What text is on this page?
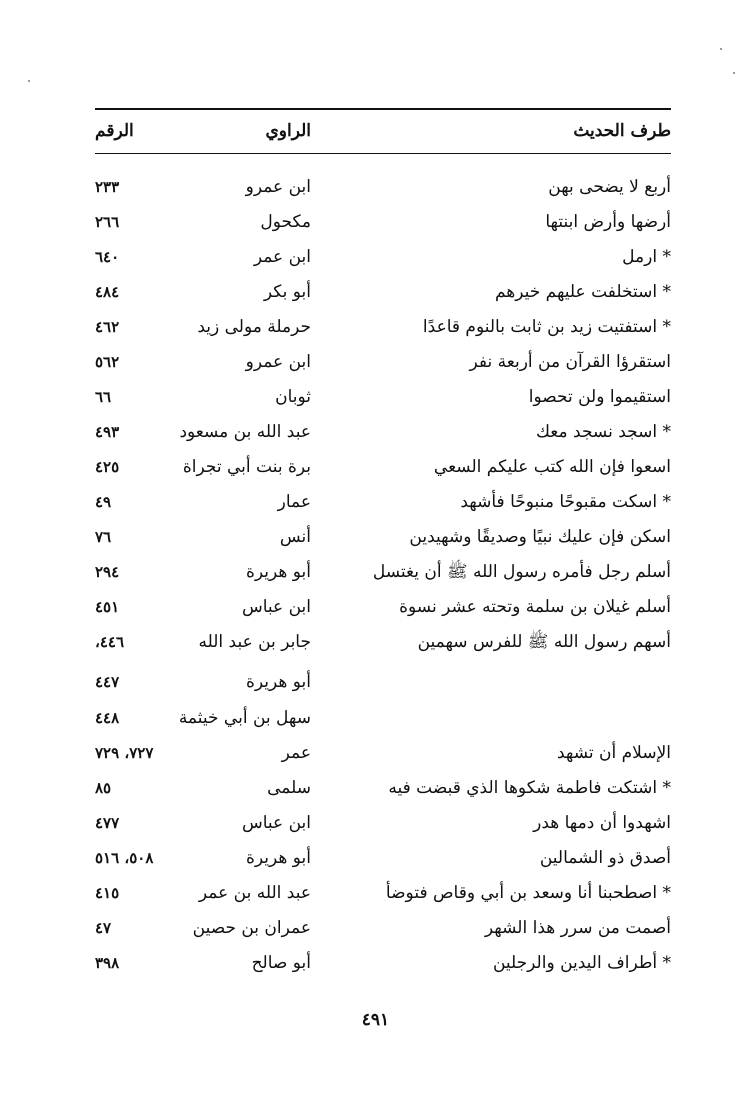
طرف الحديث
الراوي
الرقم
أربع لا يضحى بهن
ابن عمرو
٢٣٣
أرضها وأرض ابنتها
مكحول
٢٦٦
* ارمل
ابن عمر
٦٤٠
* استخلفت عليهم خيرهم
أبو بكر
٤٨٤
* استفتيت زيد بن ثابت بالنوم قاعدًا
حرملة مولى زيد
٤٦٢
استقرؤا القرآن من أربعة نفر
ابن عمرو
٥٦٢
استقيموا ولن تحصوا
ثوبان
٦٦
* اسجد نسجد معك
عبد الله بن مسعود
٤٩٣
اسعوا فإن الله كتب عليكم السعي
برة بنت أبي تجراة
٤٢٥
* اسكت مقبوحًا منبوحًا فأشهد
عمار
٤٩
اسكن فإن عليك نبيًا وصديقًا وشهيدين
أنس
٧٦
أسلم رجل فأمره رسول الله ﷺ أن يغتسل
أبو هريرة
٢٩٤
أسلم غيلان بن سلمة وتحته عشر نسوة
ابن عباس
٤٥١
أسهم رسول الله ﷺ للفرس سهمين
جابر بن عبد الله
٤٤٦،
أبو هريرة
٤٤٧
سهل بن أبي خيثمة
٤٤٨
الإسلام أن تشهد
عمر
٧٢٧، ٧٢٩
* اشتكت فاطمة شكوها الذي قبضت فيه
سلمى
٨٥
اشهدوا أن دمها هدر
ابن عباس
٤٧٧
أصدق ذو الشمالين
أبو هريرة
٥٠٨، ٥١٦
* اصطحبنا أنا وسعد بن أبي وقاص فتوضأ
عبد الله بن عمر
٤١٥
أصمت من سرر هذا الشهر
عمران بن حصين
٤٧
* أطراف اليدين والرجلين
أبو صالح
٣٩٨
٤٩١
